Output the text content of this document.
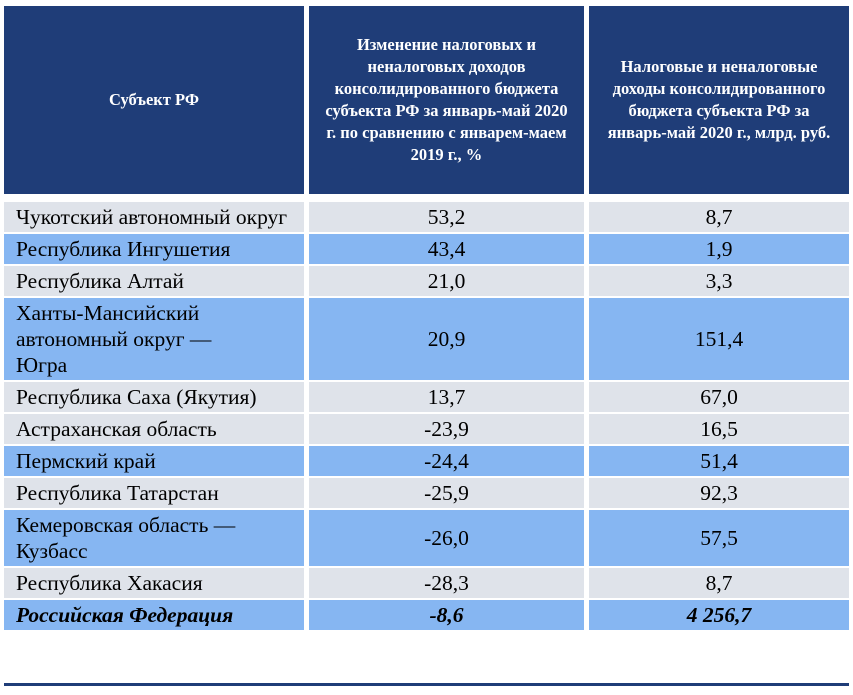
Субъект РФ	Изменение налоговых и неналоговых доходов консолидированного бюджета субъекта РФ за январь-май 2020 г. по сравнению с январем-маем 2019 г., %	Налоговые и неналоговые доходы консолидированного бюджета субъекта РФ за январь-май 2020 г., млрд. руб.
Чукотский автономный округ	53,2	8,7
Республика Ингушетия	43,4	1,9
Республика Алтай	21,0	3,3
Ханты-Мансийский автономный округ — Югра	20,9	151,4
Республика Саха (Якутия)	13,7	67,0
Астраханская область	-23,9	16,5
Пермский край	-24,4	51,4
Республика Татарстан	-25,9	92,3
Кемеровская область — Кузбасс	-26,0	57,5
Республика Хакасия	-28,3	8,7
Российская Федерация	-8,6	4 256,7
